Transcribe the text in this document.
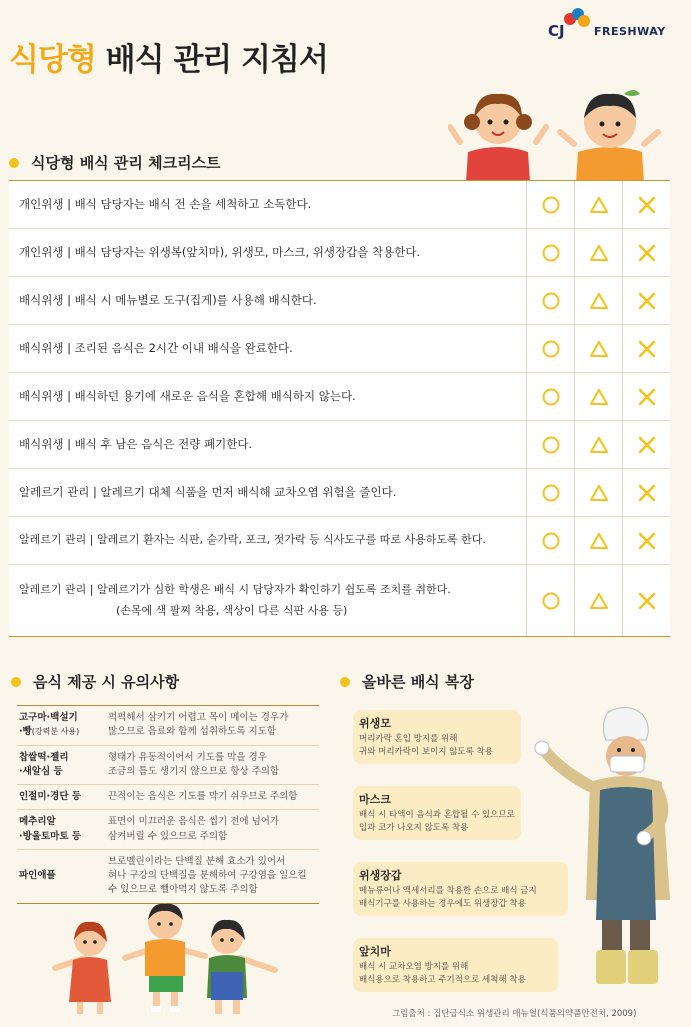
식당형 배식 관리 지침서
CJ	FRESHWAY
식당형 배식 관리 체크리스트
개인위생 | 배식 담당자는 배식 전 손을 세척하고 소독한다.
개인위생 | 배식 담당자는 위생복(앞치마), 위생모, 마스크, 위생장갑을 착용한다.
배식위생 | 배식 시 메뉴별로 도구(집게)를 사용해 배식한다.
배식위생 | 조리된 음식은 2시간 이내 배식을 완료한다.
배식위생 | 배식하던 용기에 새로운 음식을 혼합해 배식하지 않는다.
배식위생 | 배식 후 남은 음식은 전량 폐기한다.
알레르기 관리 | 알레르기 대체 식품을 먼저 배식해 교차오염 위험을 줄인다.
알레르기 관리 | 알레르기 환자는 식판, 숟가락, 포크, 젓가락 등 식사도구를 따로 사용하도록 한다.
알레르기 관리 | 알레르기가 심한 학생은 배식 시 담당자가 확인하기 쉽도록 조치를 취한다.
(손목에 색 팔찌 착용, 색상이 다른 식판 사용 등)
음식 제공 시 유의사항
고구마·백설기
·빵(강력분 사용)
퍽퍽해서 삼키기 어렵고 목이 메이는 경우가
많으므로 음료와 함께 섭취하도록 지도함
찹쌀떡·젤리
·새알심 등
형태가 유동적이어서 기도를 막을 경우
조금의 틈도 생기지 않으므로 항상 주의함
인절미·경단 등	끈적이는 음식은 기도를 막기 쉬우므로 주의함
메추리알
·방울토마토 등
표면이 미끄러운 음식은 씹기 전에 넘어가
삼켜버릴 수 있으므로 주의함
파인애플
브로멜린이라는 단백질 분해 효소가 있어서
혀나 구강의 단백질을 분해하여 구강염을 일으킬
수 있으므로 뺄아먹지 않도록 주의함
올바른 배식 복장
위생모
머리카락 혼입 방지를 위해
귀와 머리카락이 보이지 않도록 착용
마스크
배식 시 타액이 음식과 혼합될 수 있으므로
입과 코가 나오지 않도록 착용
위생장갑
메뉴류어나 액세서리를 착용한 손으로 배식 금지
배식기구를 사용하는 경우에도 위생장갑 착용
앞치마
배식 시 교차오염 방지를 위해
배식용으로 착용하고 주기적으로 세척해 착용
그림출처 : 집단급식소 위생관리 매뉴얼(식품의약품안전처, 2009)
